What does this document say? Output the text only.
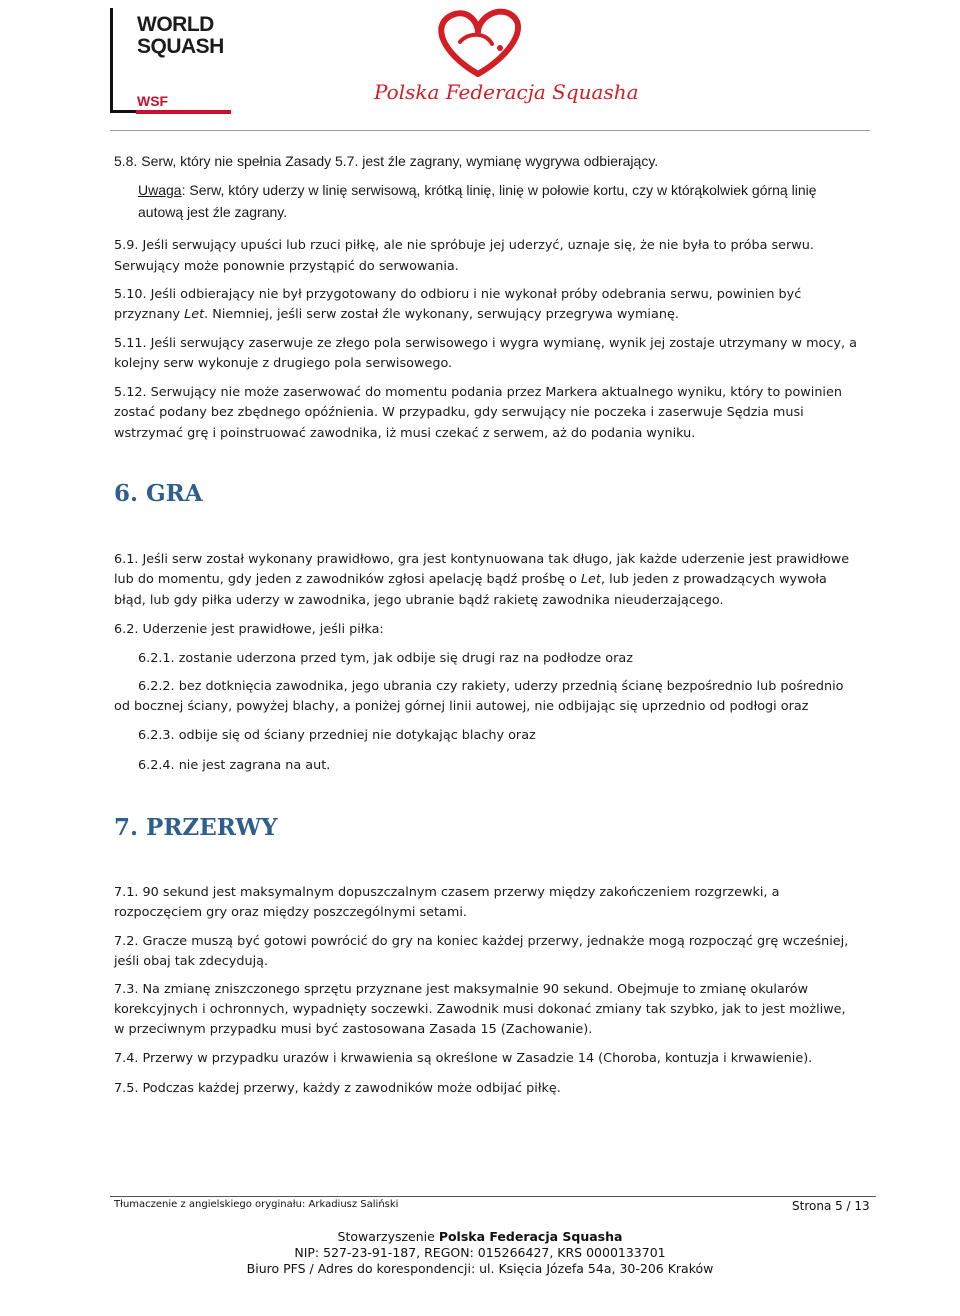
WORLD
SQUASH
WSF	Polska Federacja Squasha
5.8. Serw, który nie spełnia Zasady 5.7. jest źle zagrany, wymianę wygrywa odbierający.
Uwaga: Serw, który uderzy w linię serwisową, krótką linię, linię w połowie kortu, czy w którąkolwiek górną linię
autową jest źle zagrany.
5.9. Jeśli serwujący upuści lub rzuci piłkę, ale nie spróbuje jej uderzyć, uznaje się, że nie była to próba serwu.
Serwujący może ponownie przystąpić do serwowania.
5.10. Jeśli odbierający nie był przygotowany do odbioru i nie wykonał próby odebrania serwu, powinien być
przyznany Let. Niemniej, jeśli serw został źle wykonany, serwujący przegrywa wymianę.
5.11. Jeśli serwujący zaserwuje ze złego pola serwisowego i wygra wymianę, wynik jej zostaje utrzymany w mocy, a
kolejny serw wykonuje z drugiego pola serwisowego.
5.12. Serwujący nie może zaserwować do momentu podania przez Markera aktualnego wyniku, który to powinien
zostać podany bez zbędnego opóźnienia. W przypadku, gdy serwujący nie poczeka i zaserwuje Sędzia musi
wstrzymać grę i poinstruować zawodnika, iż musi czekać z serwem, aż do podania wyniku.
6. GRA
6.1. Jeśli serw został wykonany prawidłowo, gra jest kontynuowana tak długo, jak każde uderzenie jest prawidłowe
lub do momentu, gdy jeden z zawodników zgłosi apelację bądź prośbę o Let, lub jeden z prowadzących wywoła
błąd, lub gdy piłka uderzy w zawodnika, jego ubranie bądź rakietę zawodnika nieuderzającego.
6.2. Uderzenie jest prawidłowe, jeśli piłka:
6.2.1. zostanie uderzona przed tym, jak odbije się drugi raz na podłodze oraz
6.2.2. bez dotknięcia zawodnika, jego ubrania czy rakiety, uderzy przednią ścianę bezpośrednio lub pośrednio
od bocznej ściany, powyżej blachy, a poniżej górnej linii autowej, nie odbijając się uprzednio od podłogi oraz
6.2.3. odbije się od ściany przedniej nie dotykając blachy oraz
6.2.4. nie jest zagrana na aut.
7. PRZERWY
7.1. 90 sekund jest maksymalnym dopuszczalnym czasem przerwy między zakończeniem rozgrzewki, a
rozpoczęciem gry oraz między poszczególnymi setami.
7.2. Gracze muszą być gotowi powrócić do gry na koniec każdej przerwy, jednakże mogą rozpocząć grę wcześniej,
jeśli obaj tak zdecydują.
7.3. Na zmianę zniszczonego sprzętu przyznane jest maksymalnie 90 sekund. Obejmuje to zmianę okularów
korekcyjnych i ochronnych, wypadnięty soczewki. Zawodnik musi dokonać zmiany tak szybko, jak to jest możliwe,
w przeciwnym przypadku musi być zastosowana Zasada 15 (Zachowanie).
7.4. Przerwy w przypadku urazów i krwawienia są określone w Zasadzie 14 (Choroba, kontuzja i krwawienie).
7.5. Podczas każdej przerwy, każdy z zawodników może odbijać piłkę.
Tłumaczenie z angielskiego oryginału: Arkadiusz Saliński	Strona 5 / 13
Stowarzyszenie Polska Federacja Squasha
NIP: 527-23-91-187, REGON: 015266427, KRS 0000133701
Biuro PFS / Adres do korespondencji: ul. Księcia Józefa 54a, 30-206 Kraków
